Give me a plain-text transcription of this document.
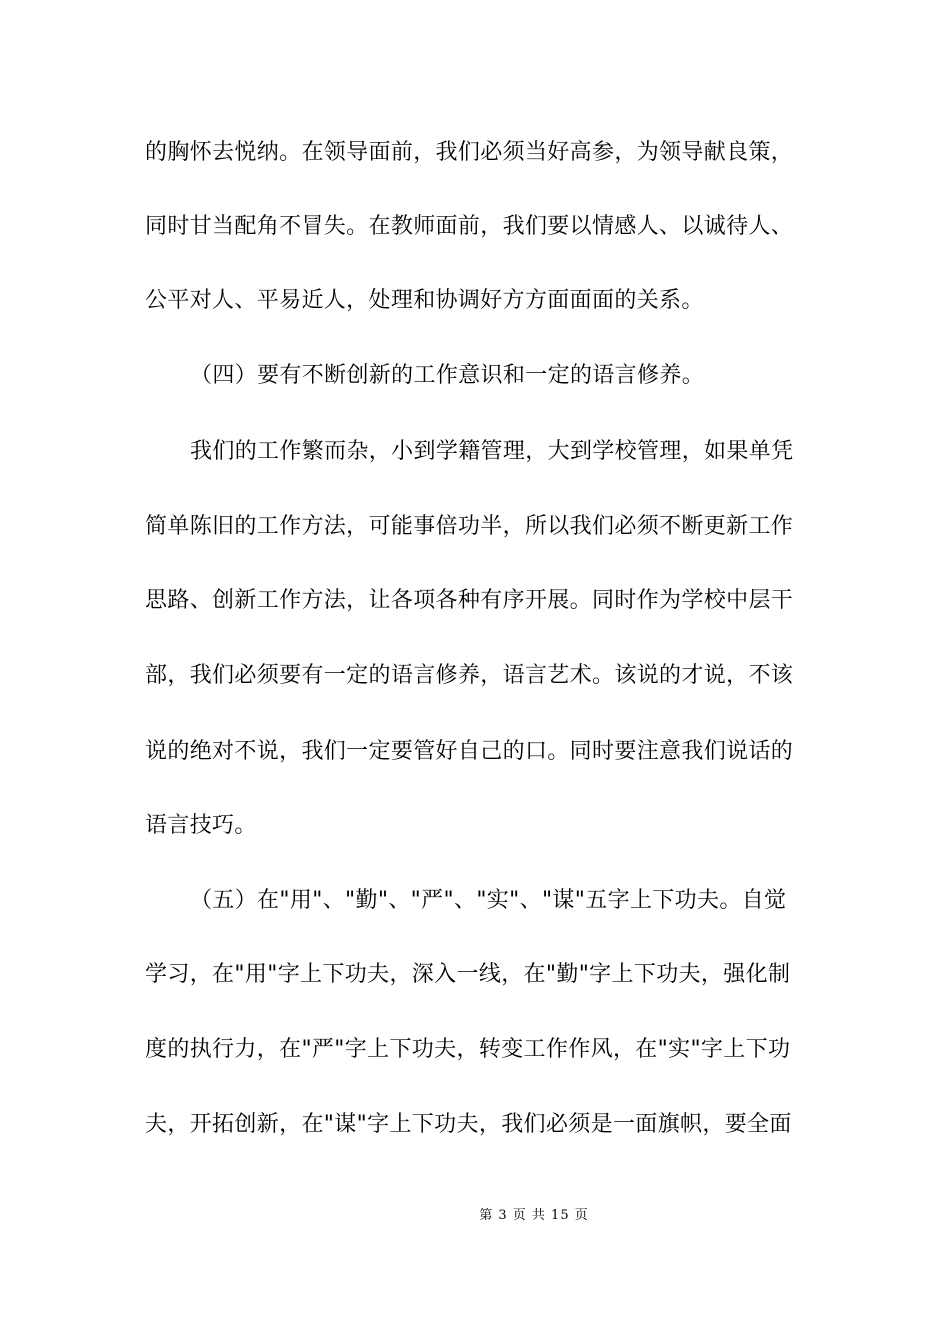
的胸怀去悦纳。在领导面前，我们必须当好高参，为领导献良策，
同时甘当配角不冒失。在教师面前，我们要以情感人、以诚待人、
公平对人、平易近人，处理和协调好方方面面面的关系。
（四）要有不断创新的工作意识和一定的语言修养。
我们的工作繁而杂，小到学籍管理，大到学校管理，如果单凭
简单陈旧的工作方法，可能事倍功半，所以我们必须不断更新工作
思路、创新工作方法，让各项各种有序开展。同时作为学校中层干
部，我们必须要有一定的语言修养，语言艺术。该说的才说，不该
说的绝对不说，我们一定要管好自己的口。同时要注意我们说话的
语言技巧。
（五）在"用"、"勤"、"严"、"实"、"谋"五字上下功夫。自觉
学习，在"用"字上下功夫，深入一线，在"勤"字上下功夫，强化制
度的执行力，在"严"字上下功夫，转变工作作风，在"实"字上下功
夫，开拓创新，在"谋"字上下功夫，我们必须是一面旗帜，要全面
第 3 页 共 15 页
